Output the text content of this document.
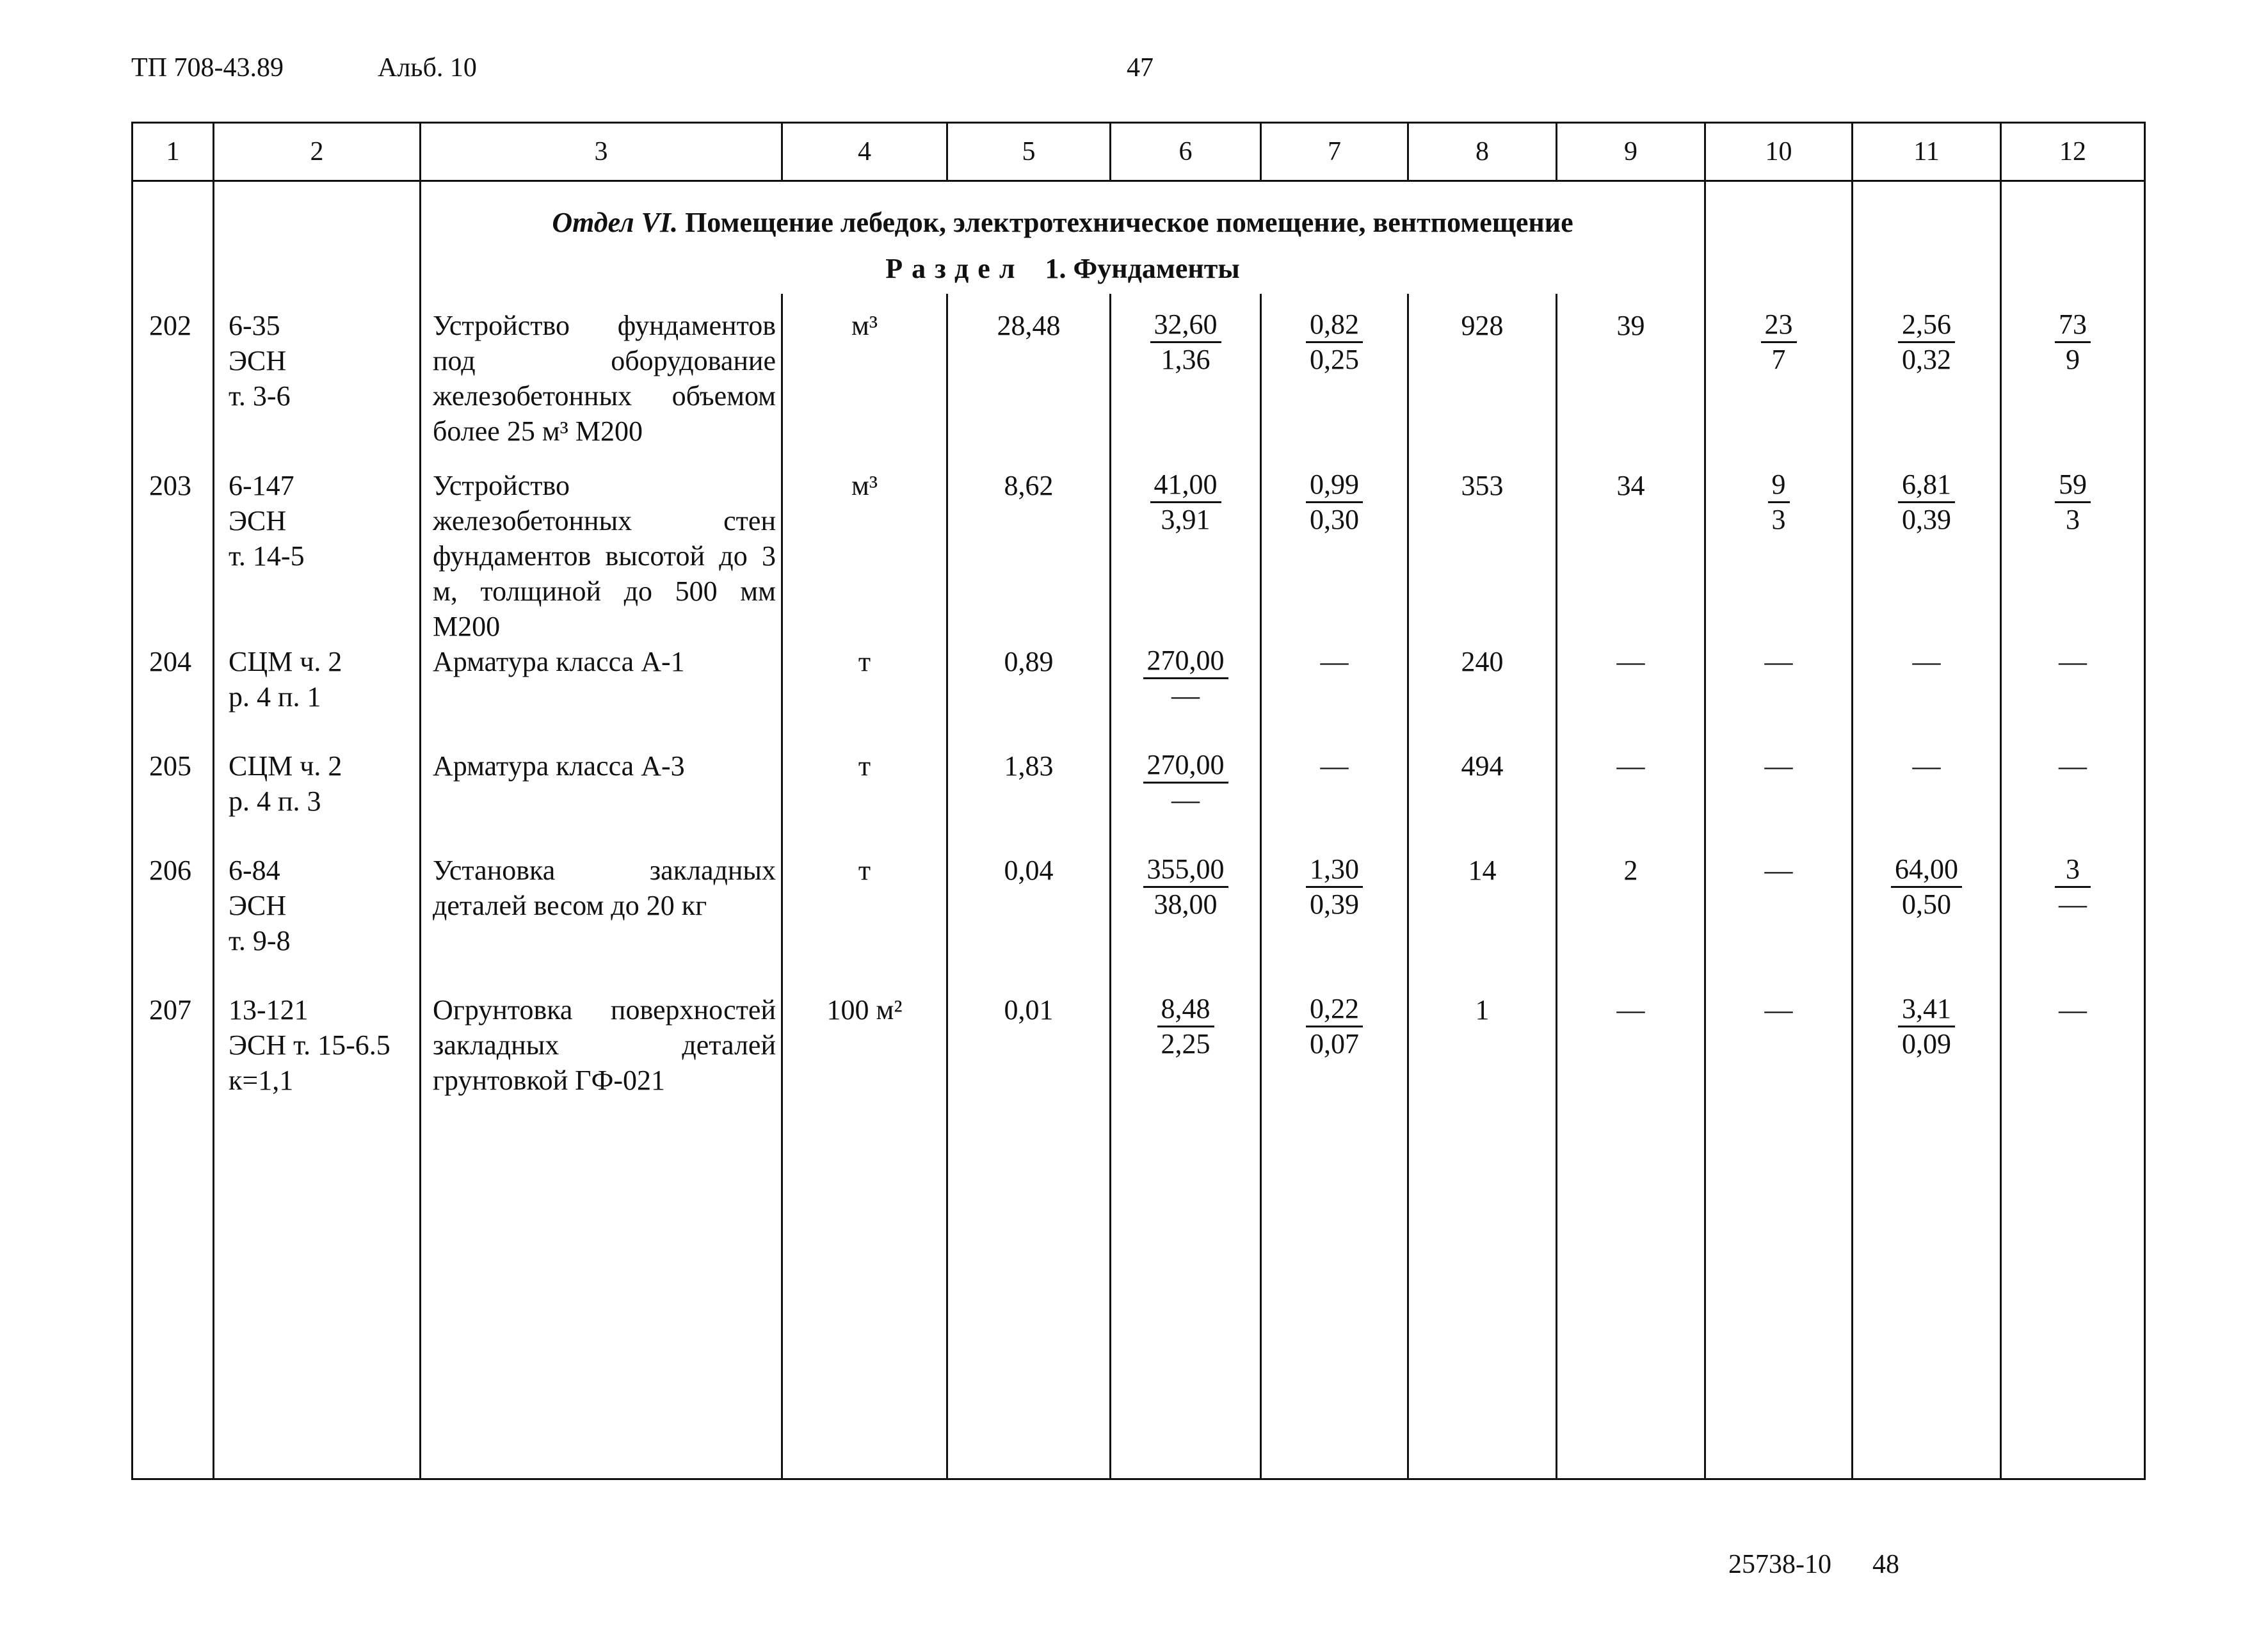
ТП 708-43.89	Альб. 10	47
1	2	3	4	5	6	7	8	9	10	11	12
		Отдел VI. Помещение лебедок, электротехническое помещение, вентпомещение									
		Раздел 1. Фундаменты									
202	6-35
ЭСН
т. 3-6	Устройство фундаментов под оборудование железобетонных объемом более 25 м³ М200	м³	28,48	$\frac{32,60}{1,36}$	$\frac{0,82}{0,25}$	928	39	$\frac{23}{7}$	$\frac{2,56}{0,32}$	$\frac{73}{9}$

203	6-147
ЭСН
т. 14-5	Устройство железобетонных стен фундаментов высотой до 3 м, толщиной до 500 мм М200	м³	8,62	$\frac{41,00}{3,91}$	$\frac{0,99}{0,30}$	353	34	$\frac{9}{3}$	$\frac{6,81}{0,39}$	$\frac{59}{3}$

204	СЦМ ч. 2
р. 4 п. 1	Арматура класса А-1	т	0,89	$\frac{270,00}{—}$	—	240	—	—	—	—
205	СЦМ ч. 2
р. 4 п. 3	Арматура класса А-3	т	1,83	$\frac{270,00}{—}$	—	494	—	—	—	—
206	6-84
ЭСН
т. 9-8	Установка закладных деталей весом до 20 кг	т	0,04	$\frac{355,00}{38,00}$	$\frac{1,30}{0,39}$	14	2	—	$\frac{64,00}{0,50}$	$\frac{3}{—}$

207	13-121
ЭСН т. 15-6.5
к=1,1	Огрунтовка поверхностей закладных деталей грунтовкой ГФ-021	100 м²	0,01	$\frac{8,48}{2,25}$	$\frac{0,22}{0,07}$	1	—	—	$\frac{3,41}{0,09}$	—
25738-10 48
